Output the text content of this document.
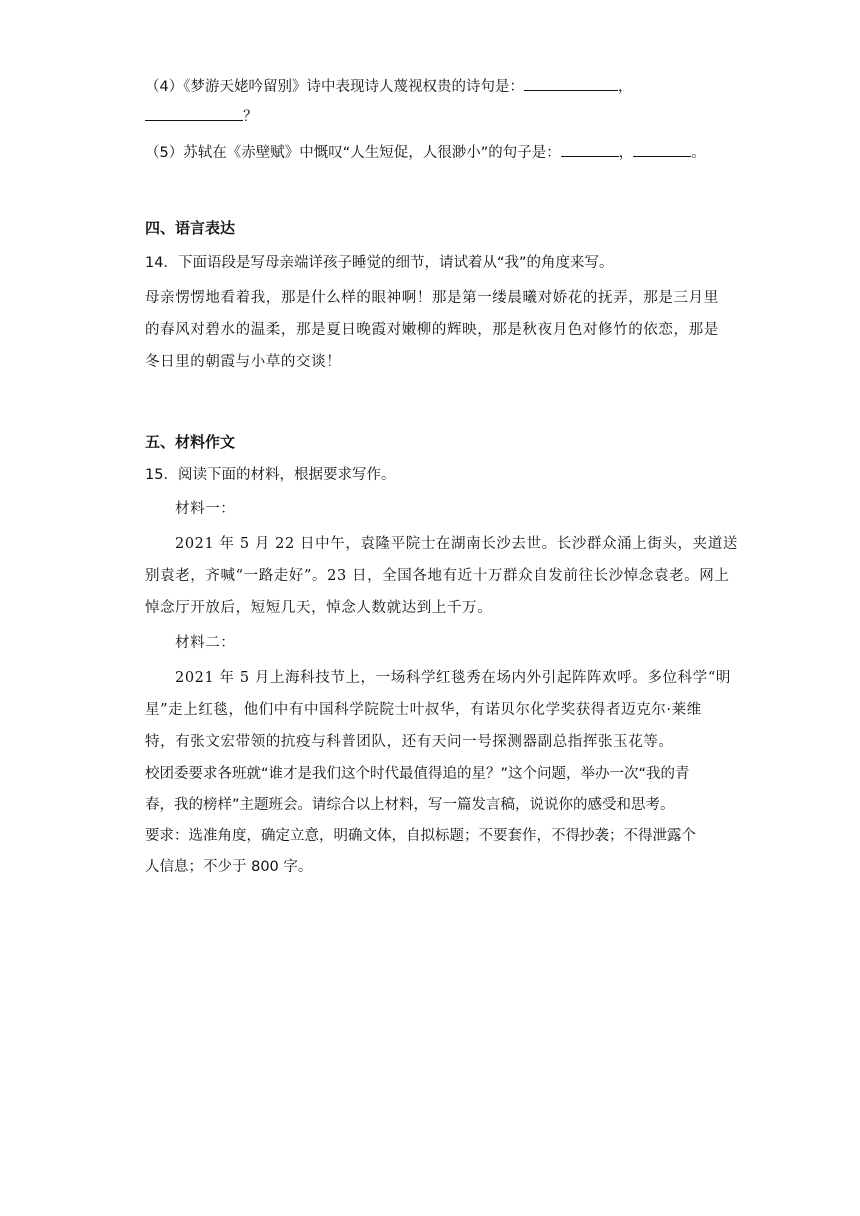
（4）《梦游天姥吟留别》诗中表现诗人蔑视权贵的诗句是：	，
？
（5）苏轼在《赤壁赋》中慨叹“人生短促，人很渺小”的句子是：	，	。
四、语言表达
14．下面语段是写母亲端详孩子睡觉的细节，请试着从“我”的角度来写。
母亲愣愣地看着我，那是什么样的眼神啊！那是第一缕晨曦对娇花的抚弄，那是三月里
的春风对碧水的温柔，那是夏日晚霞对嫩柳的辉映，那是秋夜月色对修竹的依恋，那是
冬日里的朝霞与小草的交谈！
五、材料作文
15．阅读下面的材料，根据要求写作。
材料一：
2021 年 5 月 22 日中午，袁隆平院士在湖南长沙去世。长沙群众涌上街头，夹道送
别袁老，齐喊“一路走好”。23 日，全国各地有近十万群众自发前往长沙悼念袁老。网上
悼念厅开放后，短短几天，悼念人数就达到上千万。
材料二：
2021 年 5 月上海科技节上，一场科学红毯秀在场内外引起阵阵欢呼。多位科学“明
星”走上红毯，他们中有中国科学院院士叶叔华，有诺贝尔化学奖获得者迈克尔·莱维
特，有张文宏带领的抗疫与科普团队，还有天问一号探测器副总指挥张玉花等。
校团委要求各班就“谁才是我们这个时代最值得追的星？”这个问题，举办一次“我的青
春，我的榜样”主题班会。请综合以上材料，写一篇发言稿，说说你的感受和思考。
要求：选准角度，确定立意，明确文体，自拟标题；不要套作，不得抄袭；不得泄露个
人信息；不少于 800 字。
